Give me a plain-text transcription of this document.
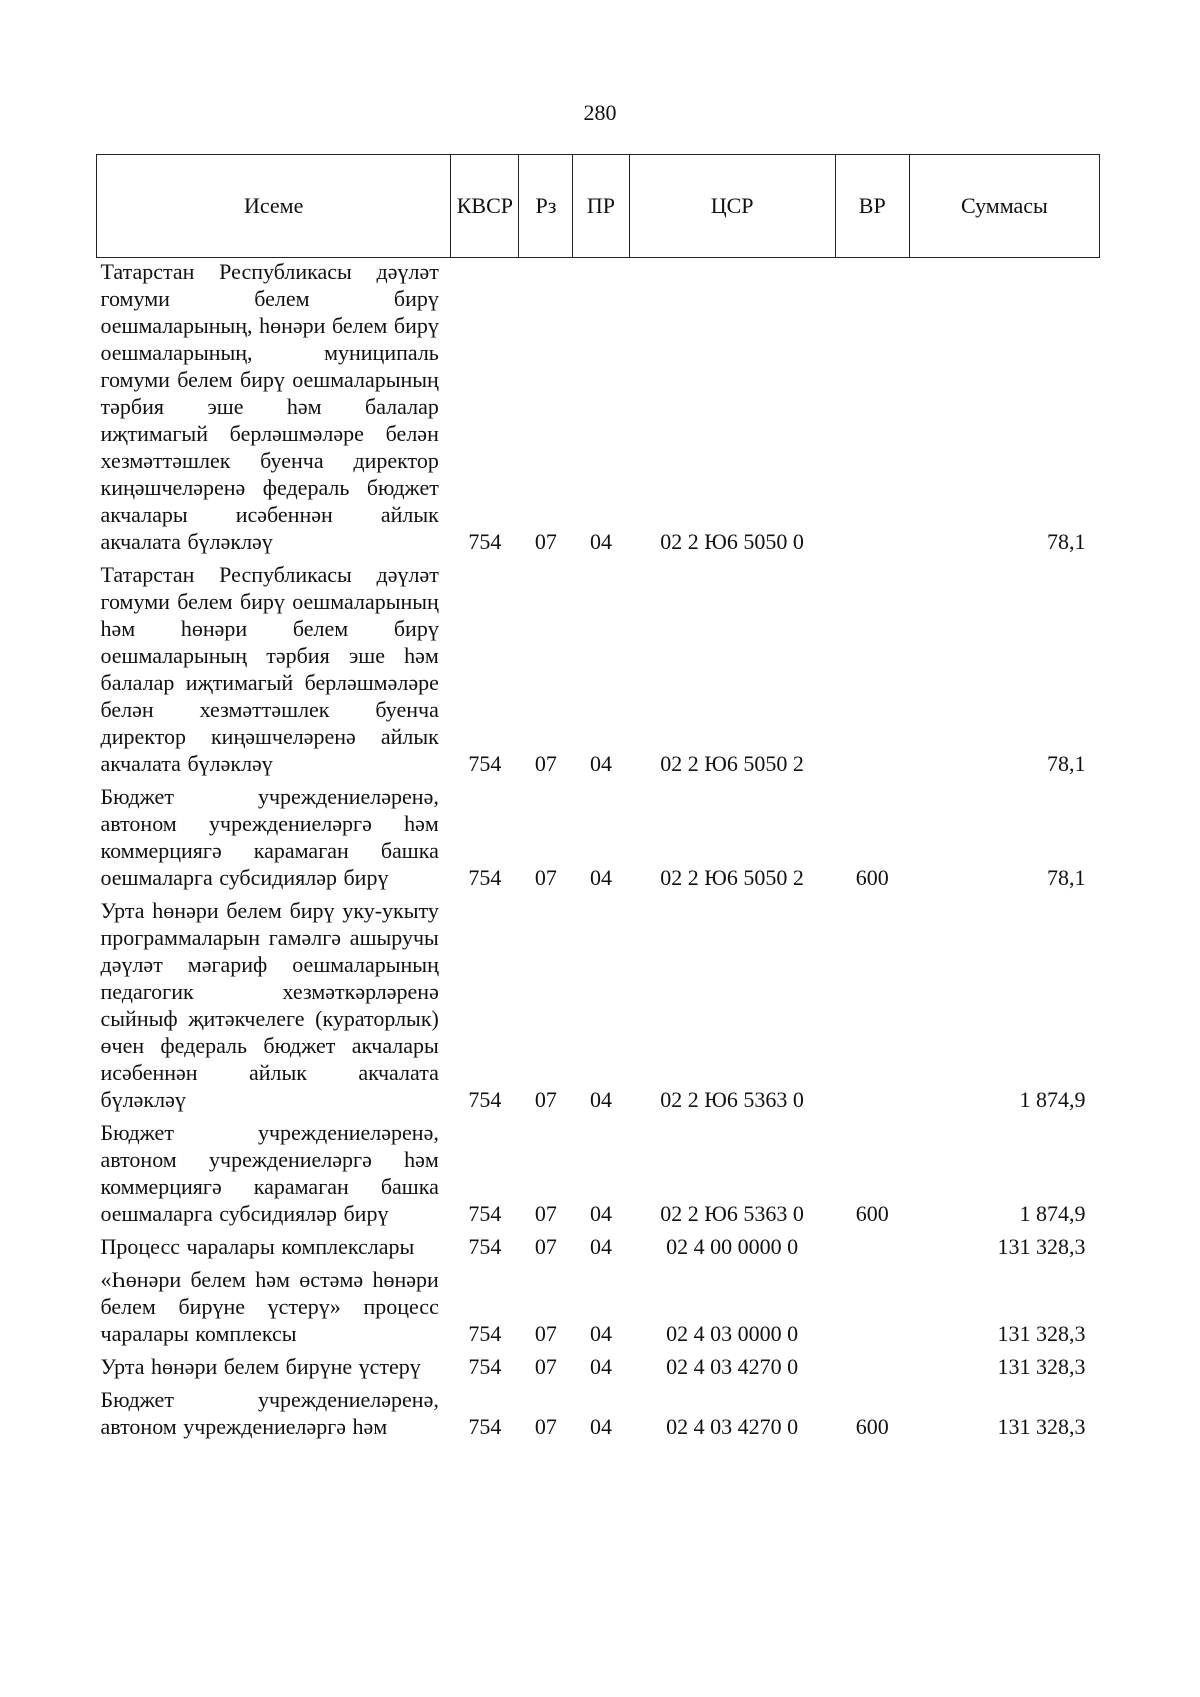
280
Исеме	КВСР	Рз	ПР	ЦСР	ВР	Суммасы
Татарстан Республикасы дәүләт гомуми белем бирү оешмаларының, һөнәри белем бирү оешмаларының, муниципаль гомуми белем бирү оешмаларының тәрбия эше һәм балалар иҗтимагый берләшмәләре белән хезмәттәшлек буенча директор киңәшчеләренә федераль бюджет акчалары исәбеннән айлык акчалата бүләкләү	754	07	04	02 2 Ю6 5050 0		78,1
Татарстан Республикасы дәүләт гомуми белем бирү оешмаларының һәм һөнәри белем бирү оешмаларының тәрбия эше һәм балалар иҗтимагый берләшмәләре белән хезмәттәшлек буенча директор киңәшчеләренә айлык акчалата бүләкләү	754	07	04	02 2 Ю6 5050 2		78,1
Бюджет учреждениеләренә, автоном учреждениеләргә һәм коммерциягә карамаган башка оешмаларга субсидияләр бирү	754	07	04	02 2 Ю6 5050 2	600	78,1
Урта һөнәри белем бирү уку-укыту программаларын гамәлгә ашыручы дәүләт мәгариф оешмаларының педагогик хезмәткәрләренә сыйныф җитәкчелеге (кураторлык) өчен федераль бюджет акчалары исәбеннән айлык акчалата бүләкләү	754	07	04	02 2 Ю6 5363 0		1 874,9
Бюджет учреждениеләренә, автоном учреждениеләргә һәм коммерциягә карамаган башка оешмаларга субсидияләр бирү	754	07	04	02 2 Ю6 5363 0	600	1 874,9
Процесс чаралары комплекслары	754	07	04	02 4 00 0000 0		131 328,3
«Һөнәри белем һәм өстәмә һөнәри белем бирүне үстерү» процесс чаралары комплексы	754	07	04	02 4 03 0000 0		131 328,3
Урта һөнәри белем бирүне үстерү	754	07	04	02 4 03 4270 0		131 328,3
Бюджет учреждениеләренә, автоном учреждениеләргә һәм	754	07	04	02 4 03 4270 0	600	131 328,3
